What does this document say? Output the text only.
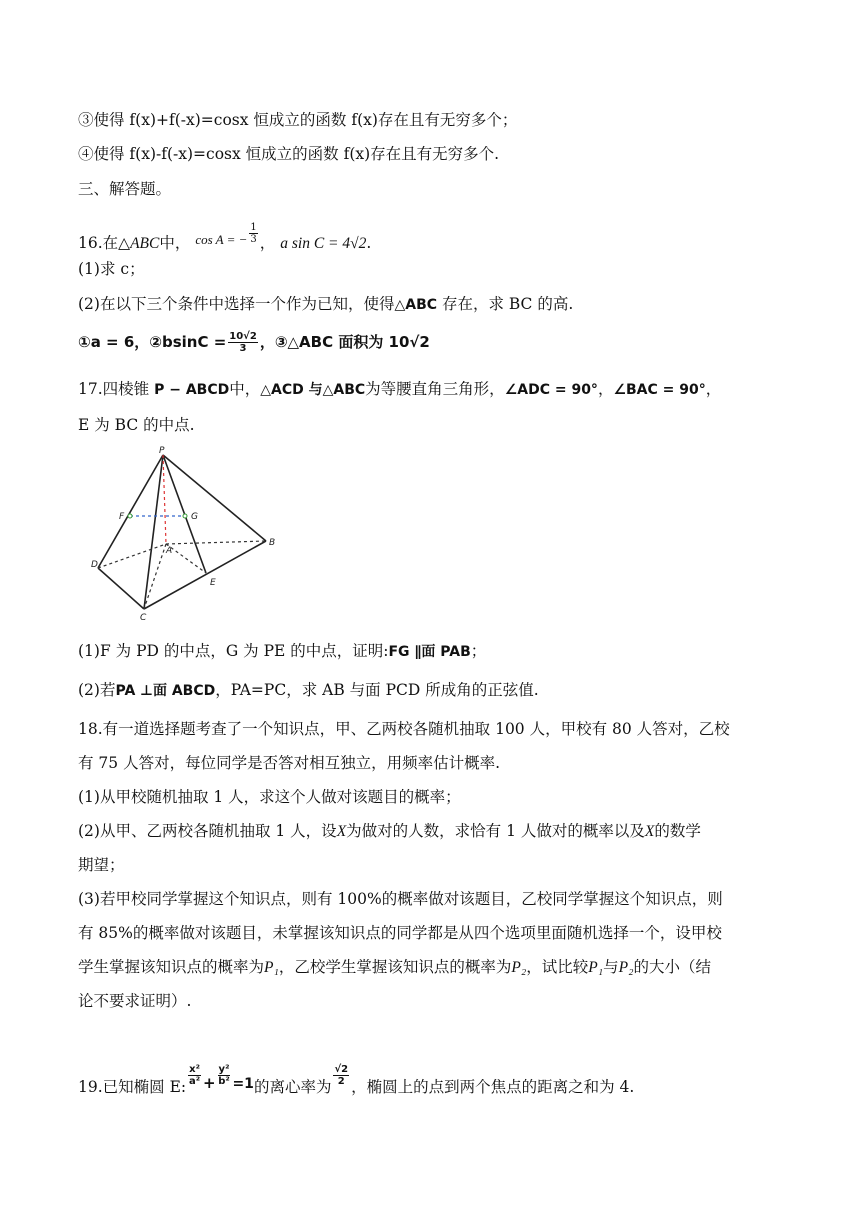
③使得 f(x)+f(-x)=cosx 恒成立的函数 f(x)存在且有无穷多个；
④使得 f(x)-f(-x)=cosx 恒成立的函数 f(x)存在且有无穷多个.
三、解答题。
16.在△ABC中， $^{cos A = -} \frac{1}{3}$ ， a sin C = 4√2.
(1)求 c；
(2)在以下三个条件中选择一个作为已知，使得△ABC 存在，求 BC 的高.
①a = 6，②bsinC = $\frac{10√2}{3}$ ，③△ABC 面积为 10√2
17.四棱锥 P − ABCD中，△ACD 与△ABC为等腰直角三角形，∠ADC = 90°，∠BAC = 90°，
E 为 BC 的中点.
P
F	G
A
B
D
E
C
(1)F 为 PD 的中点，G 为 PE 的中点，证明:FG ∥面 PAB；
(2)若PA ⊥面 ABCD，PA=PC，求 AB 与面 PCD 所成角的正弦值.
18.有一道选择题考查了一个知识点，甲、乙两校各随机抽取 100 人，甲校有 80 人答对，乙校
有 75 人答对，每位同学是否答对相互独立，用频率估计概率.
(1)从甲校随机抽取 1 人，求这个人做对该题目的概率；
(2)从甲、乙两校各随机抽取 1 人，设X为做对的人数，求恰有 1 人做对的概率以及X的数学
期望；
(3)若甲校同学掌握这个知识点，则有 100%的概率做对该题目，乙校同学掌握这个知识点，则
有 85%的概率做对该题目，未掌握该知识点的同学都是从四个选项里面随机选择一个，设甲校
学生掌握该知识点的概率为P₁，乙校学生掌握该知识点的概率为P₂，试比较P₁与P₂的大小（结
论不要求证明）.
19.已知椭圆 E: $\frac{\text{x²}}{\text{a²}} + \frac{\text{y²}}{\text{b²}} =1$的离心率为 $\frac{√2}{2}$ ，椭圆上的点到两个焦点的距离之和为 4.
